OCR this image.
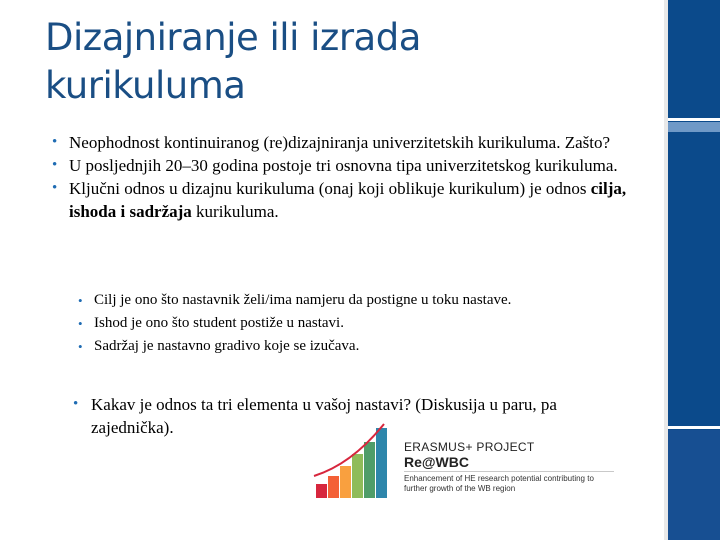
Dizajniranje ili izrada
kurikuluma
• Neophodnost kontinuiranog (re)dizajniranja univerzitetskih kurikuluma. Zašto?
• U posljednjih 20–30 godina postoje tri osnovna tipa univerzitetskog kurikuluma.
• Ključni odnos u dizajnu kurikuluma (onaj koji oblikuje kurikulum) je odnos cilja, ishoda i sadržaja kurikuluma.
• Cilj je ono što nastavnik želi/ima namjeru da postigne u toku nastave.
• Ishod je ono što student postiže u nastavi.
• Sadržaj je nastavno gradivo koje se izučava.
• Kakav je odnos ta tri elementa u vašoj nastavi? (Diskusija u paru, pa zajednička).
ERASMUS+ PROJECT
Re@WBC
Enhancement of HE research potential contributing to further growth of the WB region
